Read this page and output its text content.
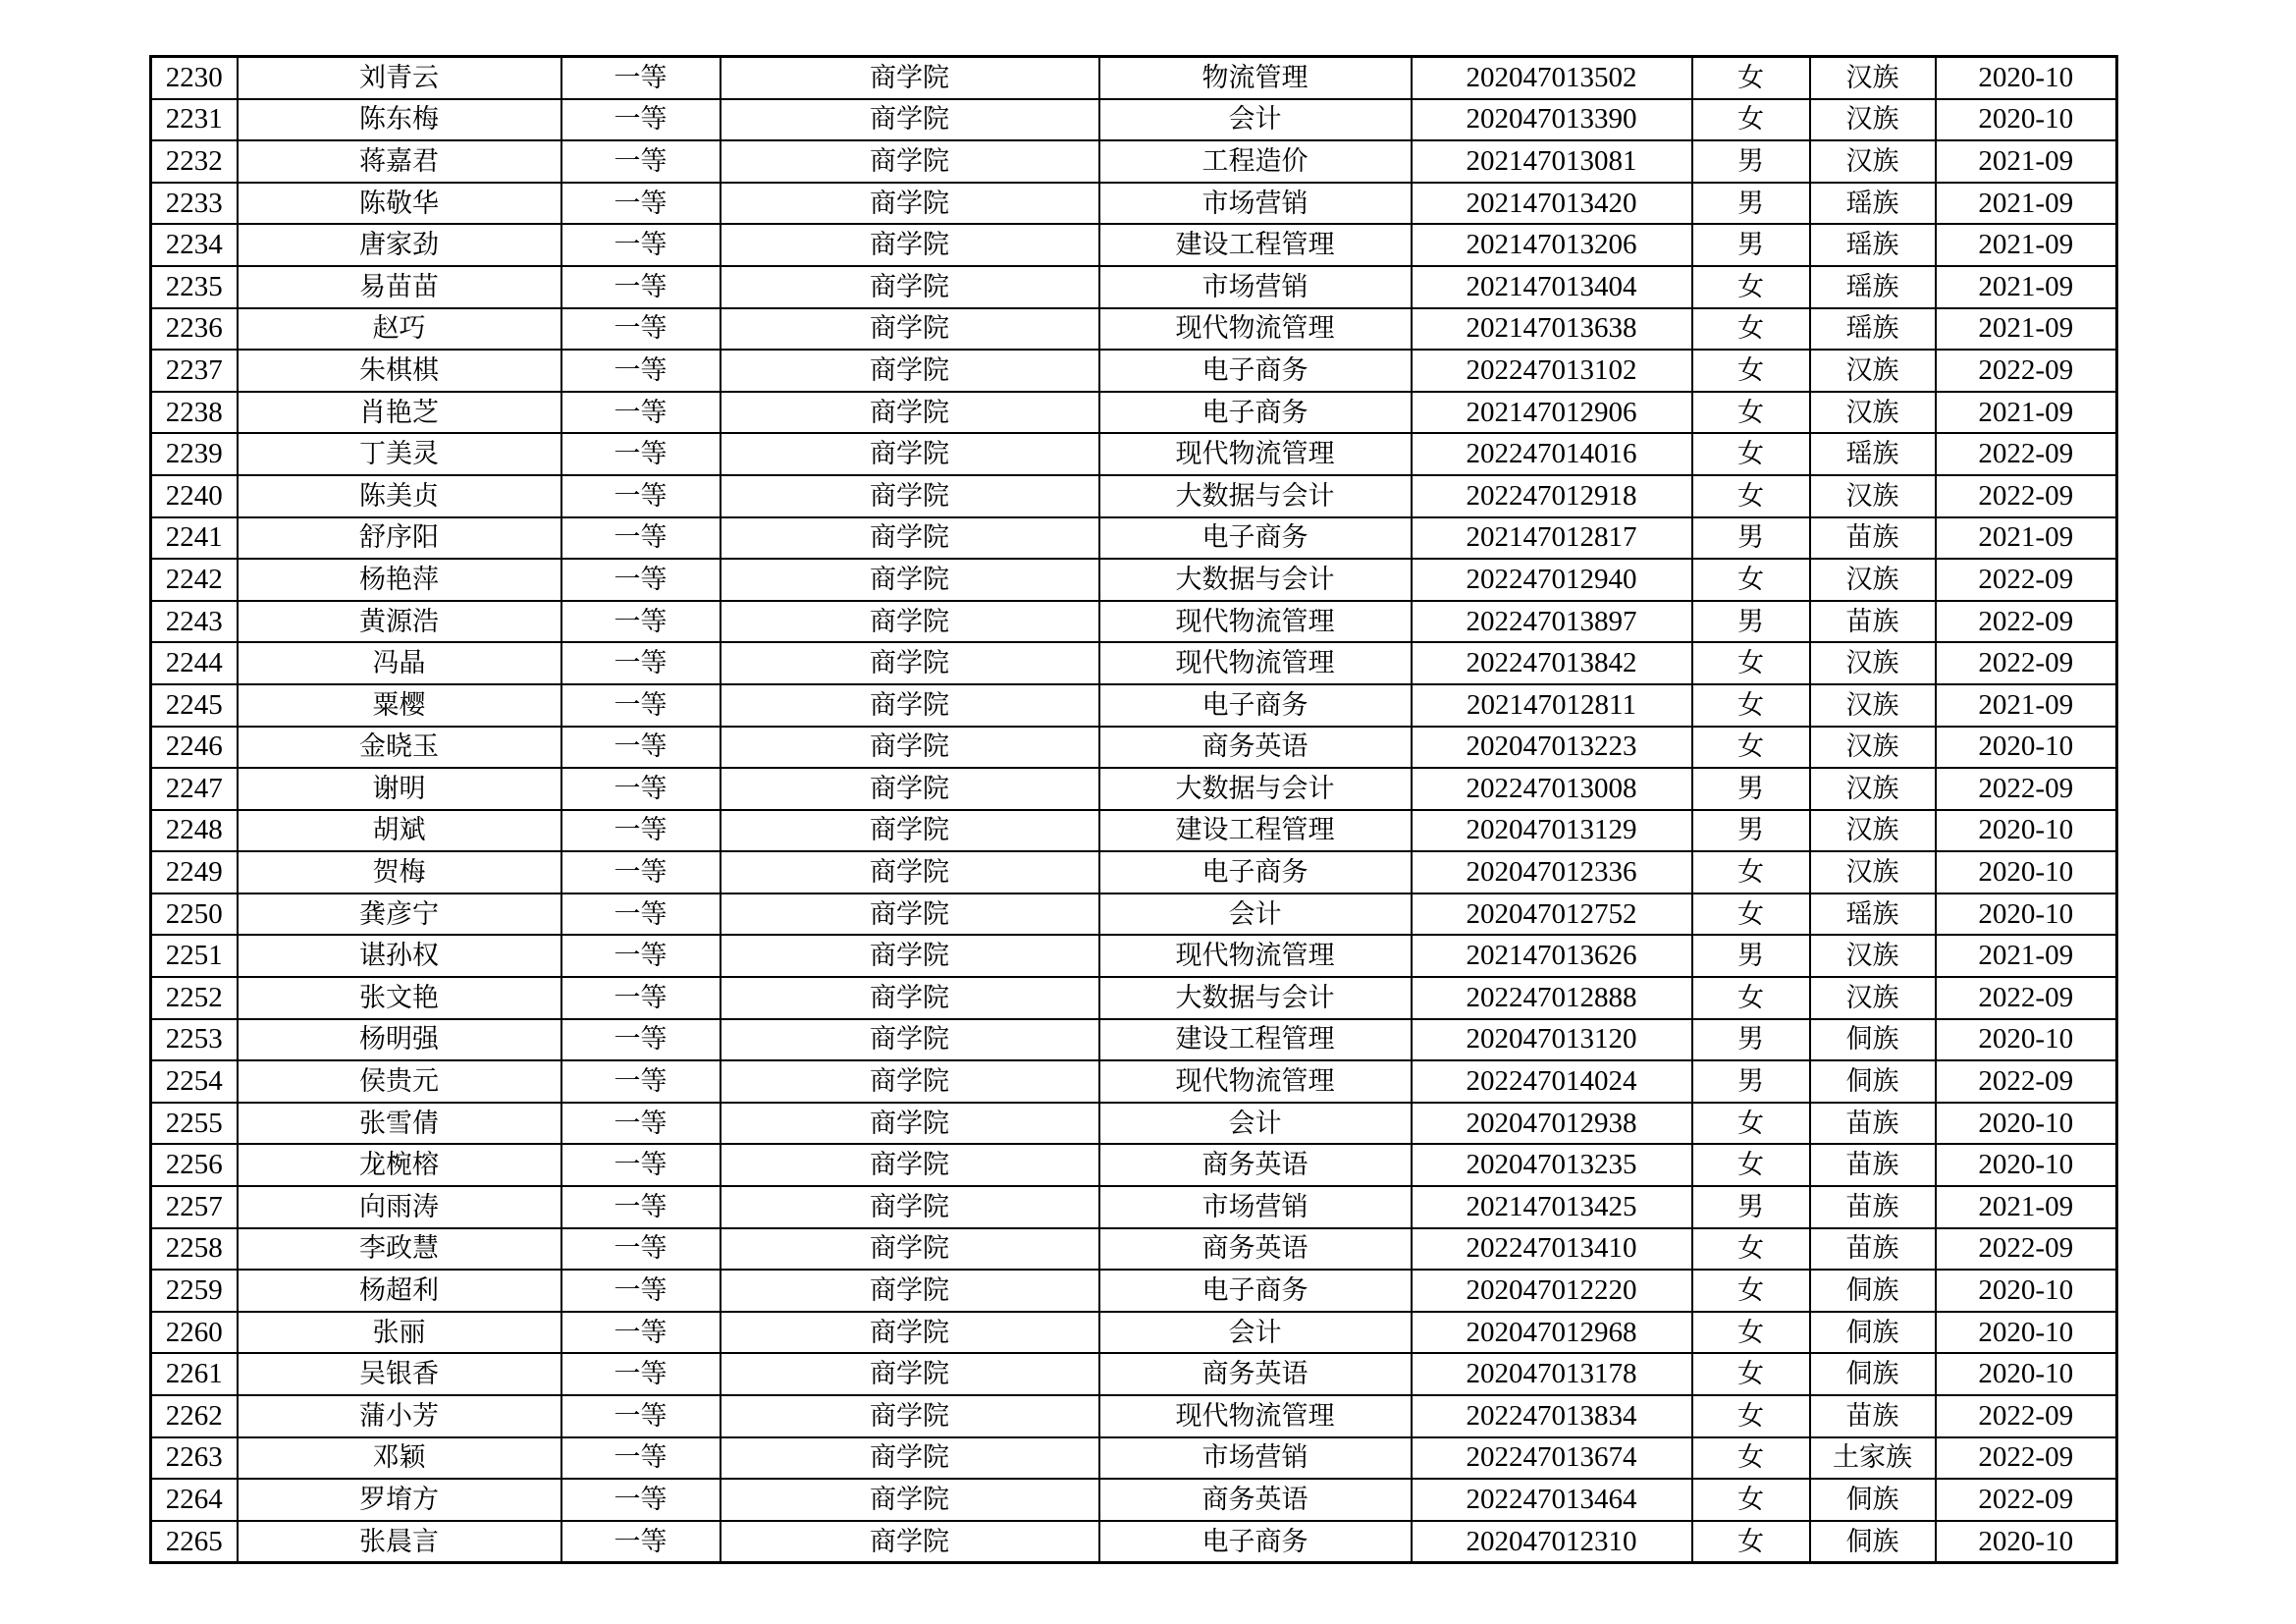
2230	刘青云	一等	商学院	物流管理	202047013502	女	汉族	2020-10
2231	陈东梅	一等	商学院	会计	202047013390	女	汉族	2020-10
2232	蒋嘉君	一等	商学院	工程造价	202147013081	男	汉族	2021-09
2233	陈敬华	一等	商学院	市场营销	202147013420	男	瑶族	2021-09
2234	唐家劲	一等	商学院	建设工程管理	202147013206	男	瑶族	2021-09
2235	易苗苗	一等	商学院	市场营销	202147013404	女	瑶族	2021-09
2236	赵巧	一等	商学院	现代物流管理	202147013638	女	瑶族	2021-09
2237	朱棋棋	一等	商学院	电子商务	202247013102	女	汉族	2022-09
2238	肖艳芝	一等	商学院	电子商务	202147012906	女	汉族	2021-09
2239	丁美灵	一等	商学院	现代物流管理	202247014016	女	瑶族	2022-09
2240	陈美贞	一等	商学院	大数据与会计	202247012918	女	汉族	2022-09
2241	舒序阳	一等	商学院	电子商务	202147012817	男	苗族	2021-09
2242	杨艳萍	一等	商学院	大数据与会计	202247012940	女	汉族	2022-09
2243	黄源浩	一等	商学院	现代物流管理	202247013897	男	苗族	2022-09
2244	冯晶	一等	商学院	现代物流管理	202247013842	女	汉族	2022-09
2245	粟樱	一等	商学院	电子商务	202147012811	女	汉族	2021-09
2246	金晓玉	一等	商学院	商务英语	202047013223	女	汉族	2020-10
2247	谢明	一等	商学院	大数据与会计	202247013008	男	汉族	2022-09
2248	胡斌	一等	商学院	建设工程管理	202047013129	男	汉族	2020-10
2249	贺梅	一等	商学院	电子商务	202047012336	女	汉族	2020-10
2250	龚彦宁	一等	商学院	会计	202047012752	女	瑶族	2020-10
2251	谌孙权	一等	商学院	现代物流管理	202147013626	男	汉族	2021-09
2252	张文艳	一等	商学院	大数据与会计	202247012888	女	汉族	2022-09
2253	杨明强	一等	商学院	建设工程管理	202047013120	男	侗族	2020-10
2254	侯贵元	一等	商学院	现代物流管理	202247014024	男	侗族	2022-09
2255	张雪倩	一等	商学院	会计	202047012938	女	苗族	2020-10
2256	龙椀榕	一等	商学院	商务英语	202047013235	女	苗族	2020-10
2257	向雨涛	一等	商学院	市场营销	202147013425	男	苗族	2021-09
2258	李政慧	一等	商学院	商务英语	202247013410	女	苗族	2022-09
2259	杨超利	一等	商学院	电子商务	202047012220	女	侗族	2020-10
2260	张丽	一等	商学院	会计	202047012968	女	侗族	2020-10
2261	吴银香	一等	商学院	商务英语	202047013178	女	侗族	2020-10
2262	蒲小芳	一等	商学院	现代物流管理	202247013834	女	苗族	2022-09
2263	邓颖	一等	商学院	市场营销	202247013674	女	土家族	2022-09
2264	罗堉方	一等	商学院	商务英语	202247013464	女	侗族	2022-09
2265	张晨言	一等	商学院	电子商务	202047012310	女	侗族	2020-10
